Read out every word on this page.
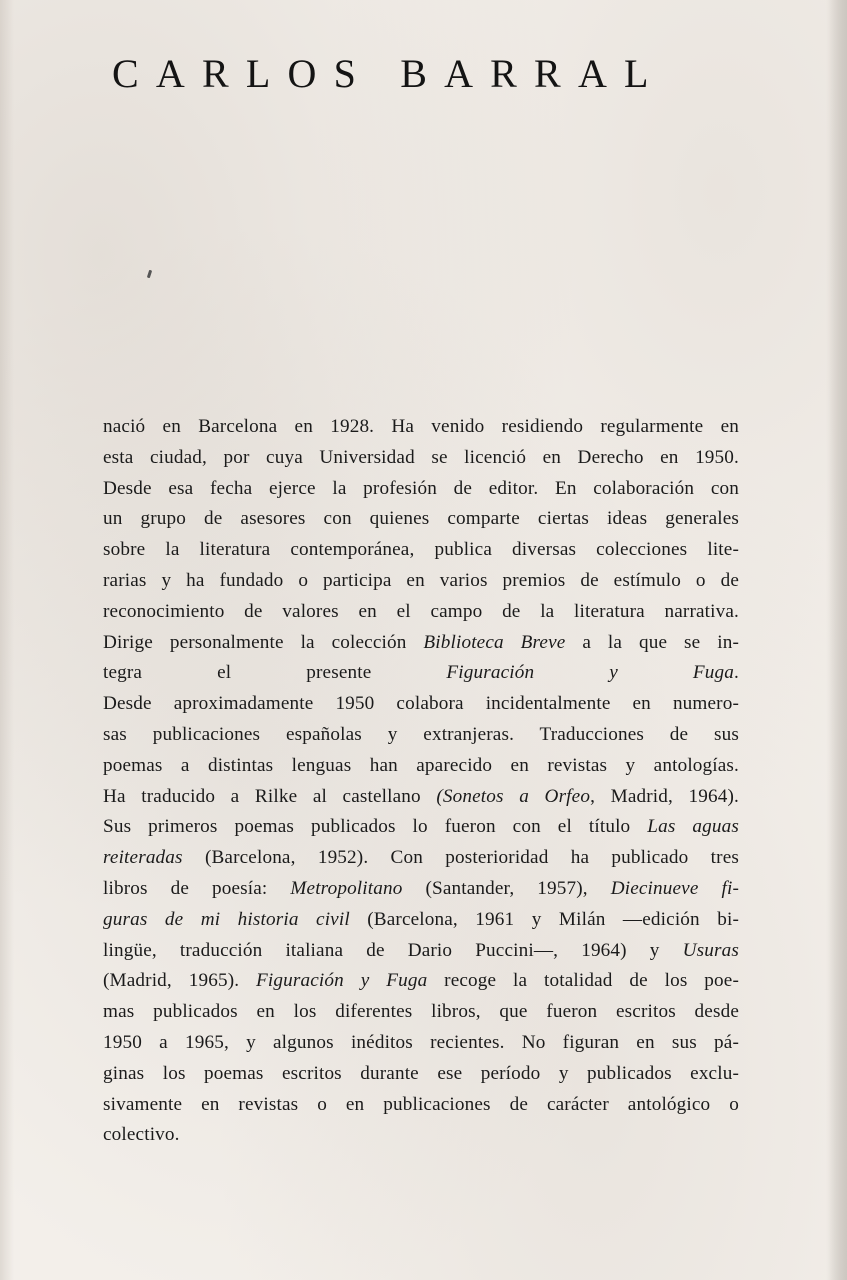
CARLOS BARRAL
nació en Barcelona en 1928. Ha venido residiendo regularmente en
esta ciudad, por cuya Universidad se licenció en Derecho en 1950.
Desde esa fecha ejerce la profesión de editor. En colaboración con
un grupo de asesores con quienes comparte ciertas ideas generales
sobre la literatura contemporánea, publica diversas colecciones lite-
rarias y ha fundado o participa en varios premios de estímulo o de
reconocimiento de valores en el campo de la literatura narrativa.
Dirige personalmente la colección Biblioteca Breve a la que se in-
tegra el presente Figuración y Fuga.
Desde aproximadamente 1950 colabora incidentalmente en numero-
sas publicaciones españolas y extranjeras. Traducciones de sus
poemas a distintas lenguas han aparecido en revistas y antologías.
Ha traducido a Rilke al castellano (Sonetos a Orfeo, Madrid, 1964).
Sus primeros poemas publicados lo fueron con el título Las aguas
reiteradas (Barcelona, 1952). Con posterioridad ha publicado tres
libros de poesía: Metropolitano (Santander, 1957), Diecinueve fi-
guras de mi historia civil (Barcelona, 1961 y Milán —edición bi-
lingüe, traducción italiana de Dario Puccini—, 1964) y Usuras
(Madrid, 1965). Figuración y Fuga recoge la totalidad de los poe-
mas publicados en los diferentes libros, que fueron escritos desde
1950 a 1965, y algunos inéditos recientes. No figuran en sus pá-
ginas los poemas escritos durante ese período y publicados exclu-
sivamente en revistas o en publicaciones de carácter antológico o
colectivo.
